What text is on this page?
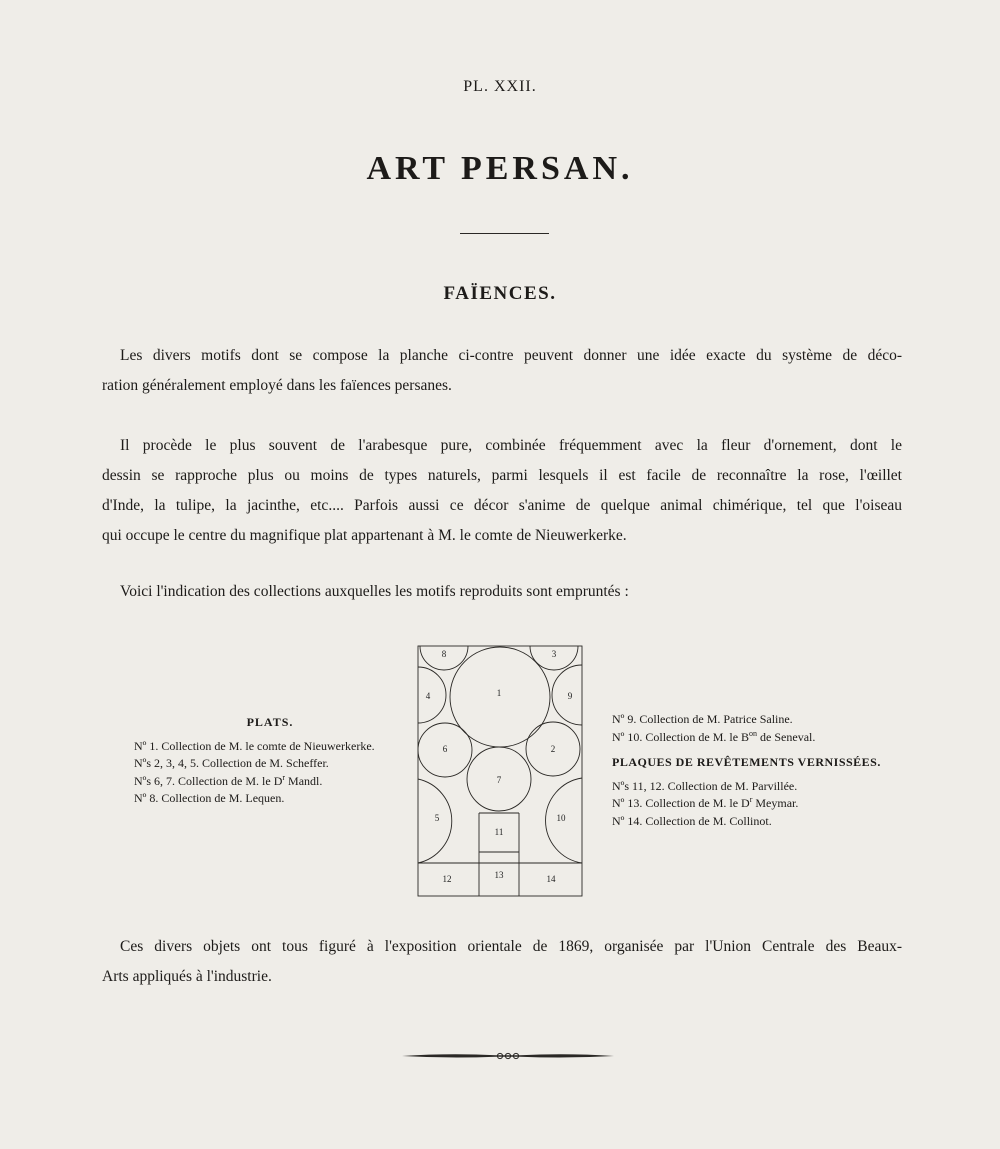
PL. XXII.
ART PERSAN.
FAÏENCES.
Les divers motifs dont se compose la planche ci-contre peuvent donner une idée exacte du système de déco-
ration généralement employé dans les faïences persanes.
Il procède le plus souvent de l'arabesque pure, combinée fréquemment avec la fleur d'ornement, dont le
dessin se rapproche plus ou moins de types naturels, parmi lesquels il est facile de reconnaître la rose, l'œillet
d'Inde, la tulipe, la jacinthe, etc.... Parfois aussi ce décor s'anime de quelque animal chimérique, tel que l'oiseau
qui occupe le centre du magnifique plat appartenant à M. le comte de Nieuwerkerke.
Voici l'indication des collections auxquelles les motifs reproduits sont empruntés :
PLATS.
Nº 1. Collection de M. le comte de Nieuwerkerke.
Nºs 2, 3, 4, 5. Collection de M. Scheffer.
Nºs 6, 7. Collection de M. le $D^r$ Mandl.
Nº 8. Collection de M. Lequen.
1
2
3
4
5
6
7
8
9
10
11
12	13	14
Nº 9. Collection de M. Patrice Saline.
Nº 10. Collection de M. le $B^{on}$ de Seneval.
PLAQUES DE REVÊTEMENTS VERNISSÉES.
Nºs 11, 12. Collection de M. Parvillée.
Nº 13. Collection de M. le $D^r$ Meymar.
Nº 14. Collection de M. Collinot.
Ces divers objets ont tous figuré à l'exposition orientale de 1869, organisée par l'Union Centrale des Beaux-
Arts appliqués à l'industrie.
